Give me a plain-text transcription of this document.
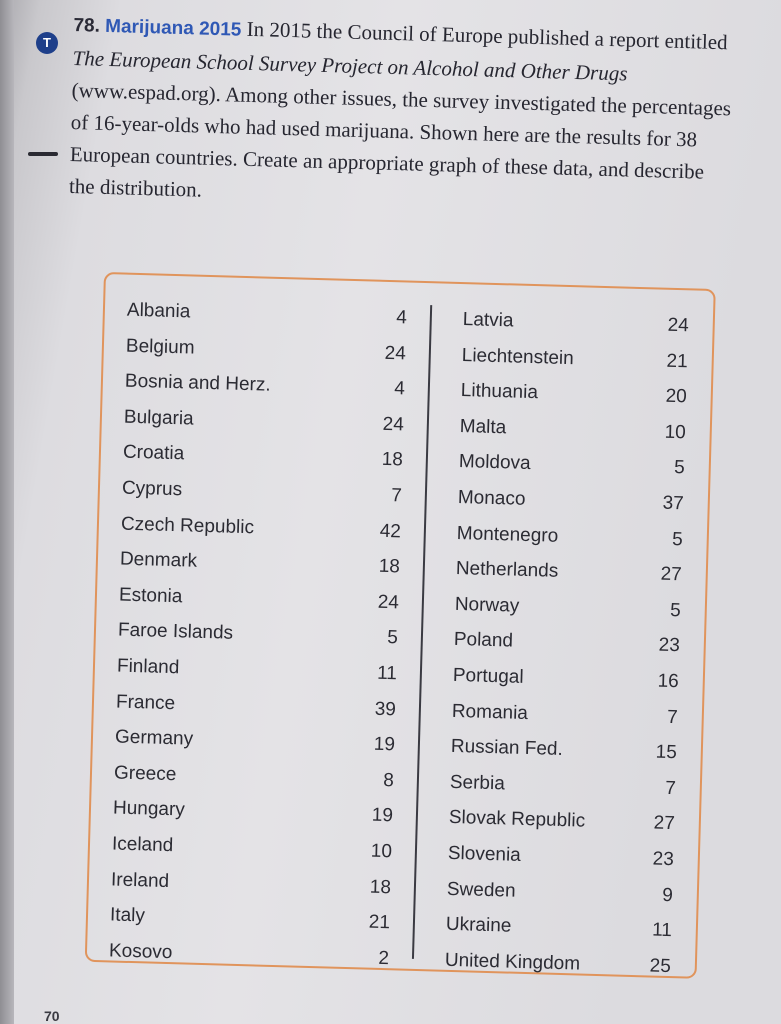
T

78. Marijuana 2015 In 2015 the Council of Europe published a report entitled The European School Survey Project on Alcohol and Other Drugs (www.espad.org). Among other issues, the survey investigated the percentages of 16-year-olds who had used marijuana. Shown here are the results for 38 European countries. Create an appropriate graph of these data, and describe the distribution.

Albania	4
Belgium	24
Bosnia and Herz.	4
Bulgaria	24
Croatia	18
Cyprus	7
Czech Republic	42
Denmark	18
Estonia	24
Faroe Islands	5
Finland	11
France	39
Germany	19
Greece	8
Hungary	19
Iceland	10
Ireland	18
Italy	21
Kosovo	2
Latvia	24
Liechtenstein	21
Lithuania	20
Malta	10
Moldova	5
Monaco	37
Montenegro	5
Netherlands	27
Norway	5
Poland	23
Portugal	16
Romania	7
Russian Fed.	15
Serbia	7
Slovak Republic	27
Slovenia	23
Sweden	9
Ukraine	11
United Kingdom	25
70
